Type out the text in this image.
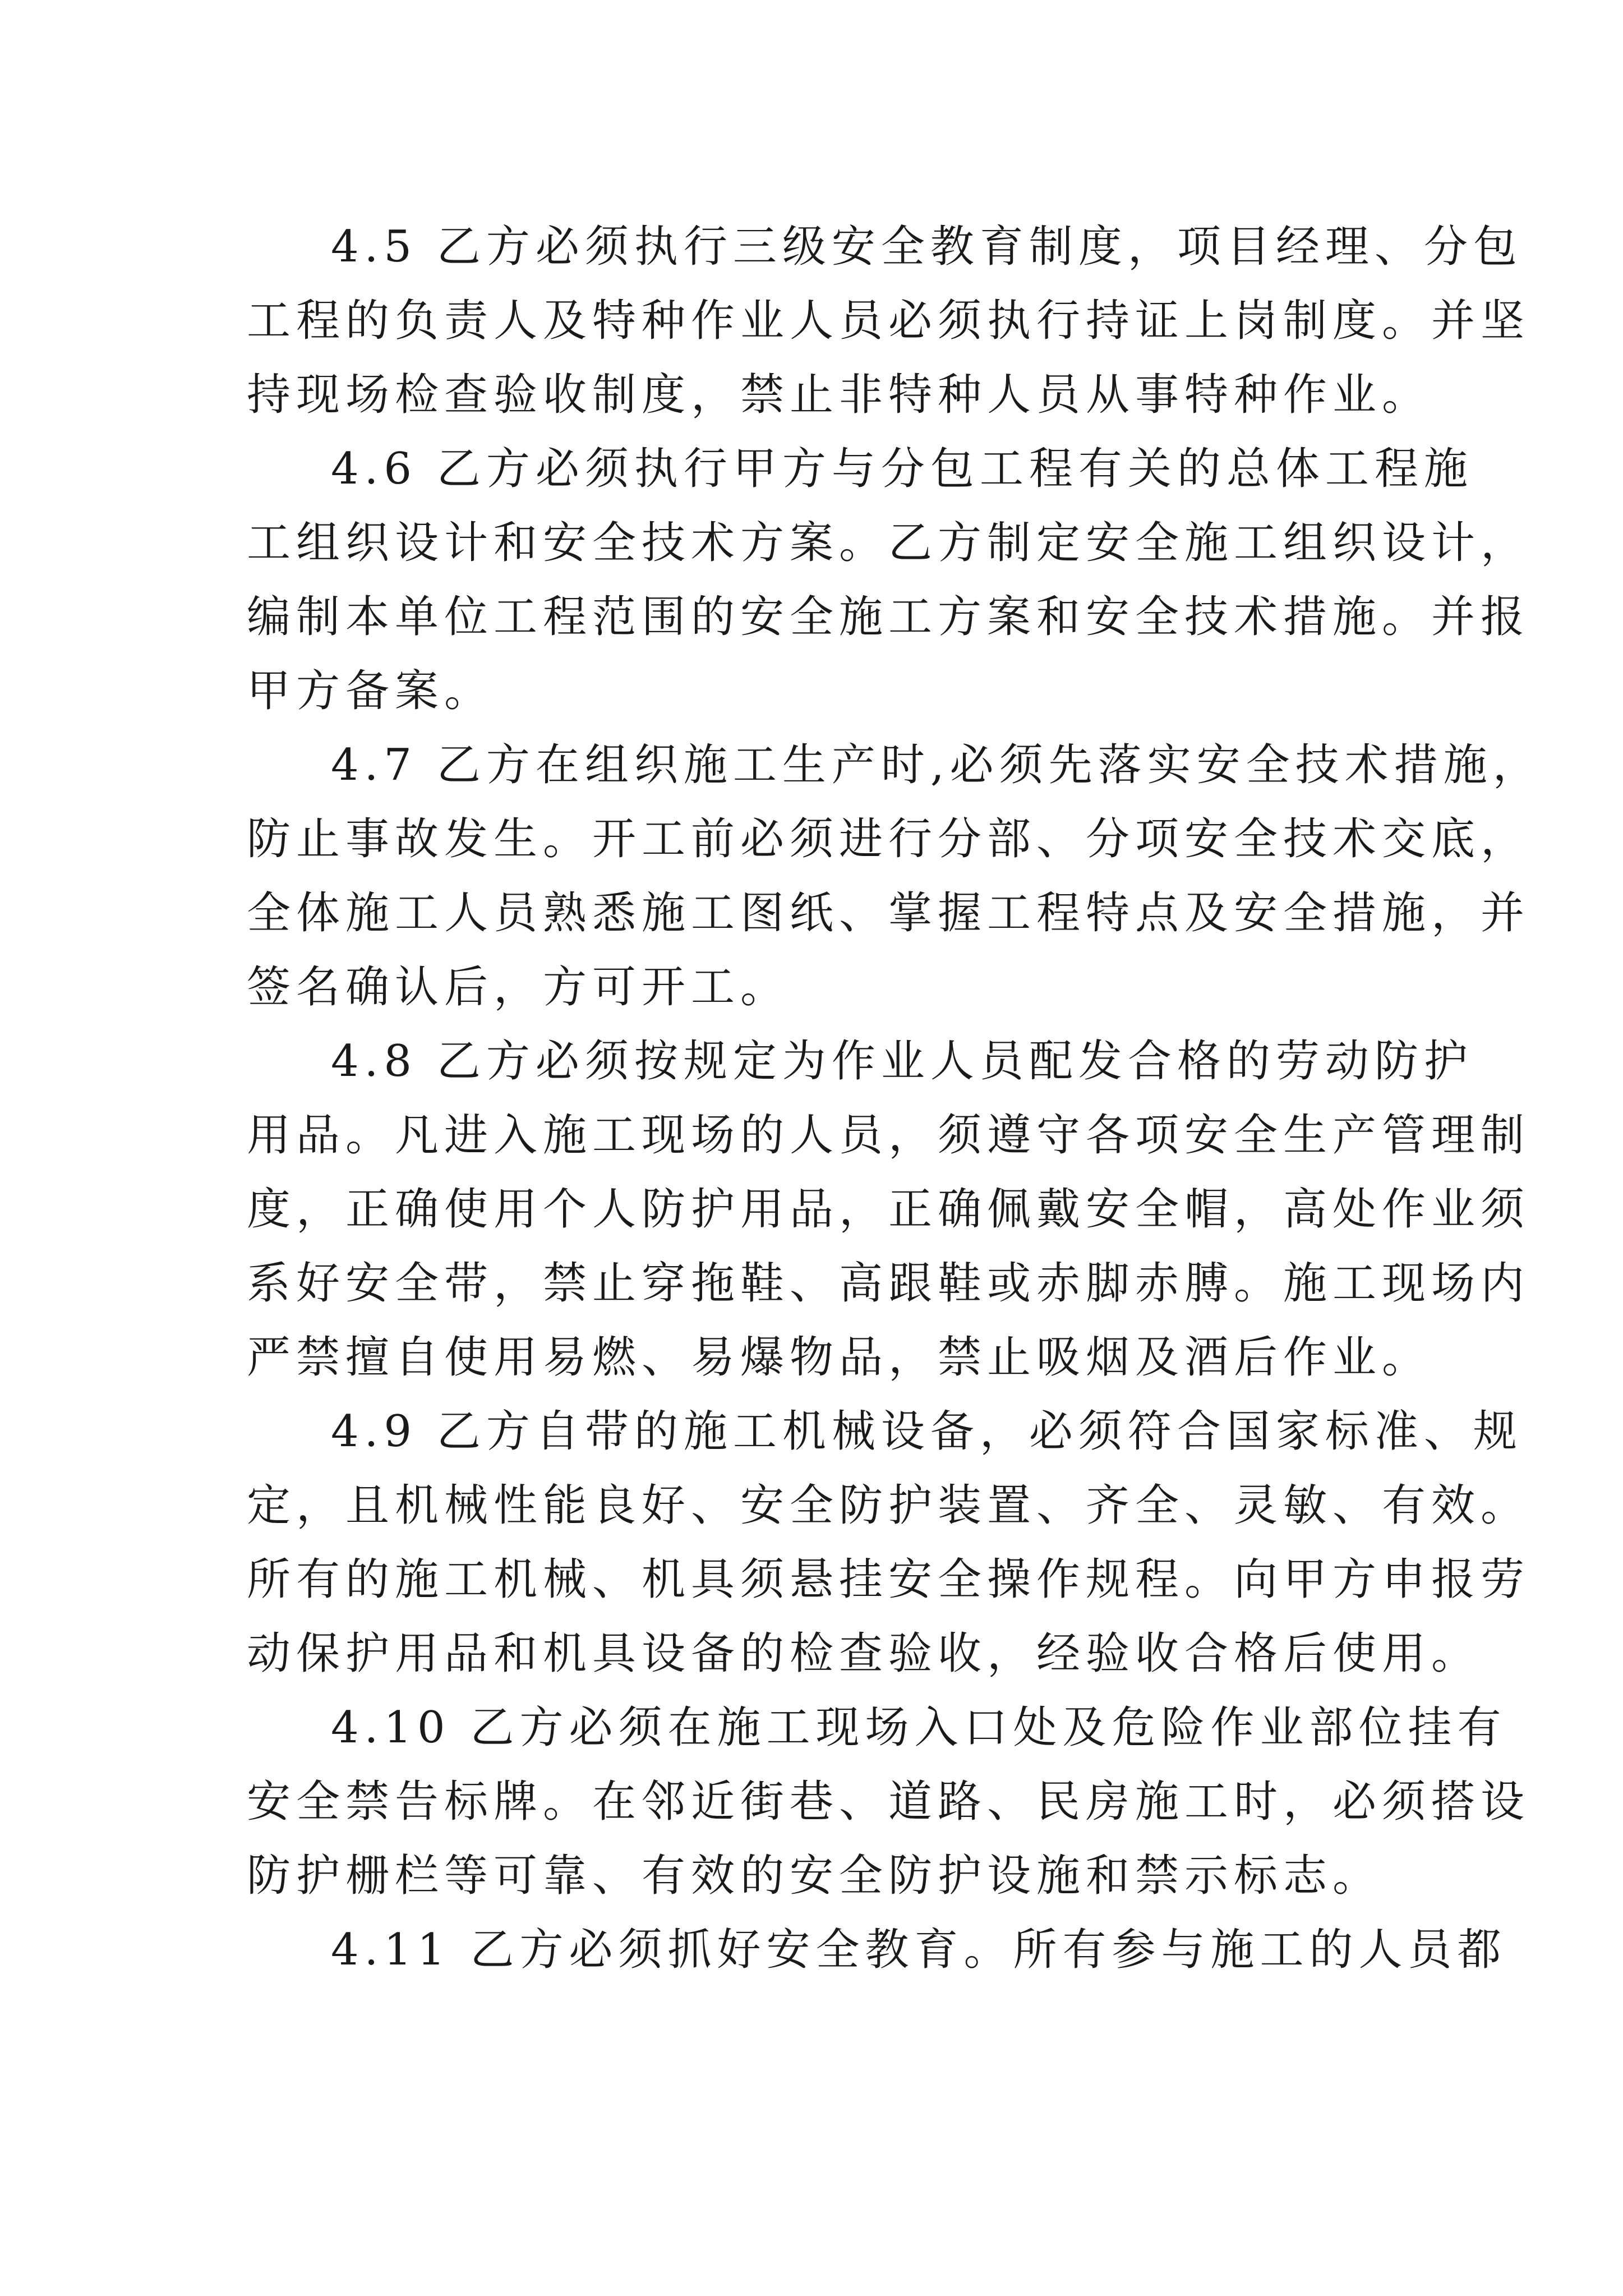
4.5 乙方必须执行三级安全教育制度，项目经理、分包
工程的负责人及特种作业人员必须执行持证上岗制度。并坚
持现场检查验收制度，禁止非特种人员从事特种作业。
4.6 乙方必须执行甲方与分包工程有关的总体工程施
工组织设计和安全技术方案。乙方制定安全施工组织设计，
编制本单位工程范围的安全施工方案和安全技术措施。并报
甲方备案。
4.7 乙方在组织施工生产时,必须先落实安全技术措施，
防止事故发生。开工前必须进行分部、分项安全技术交底，
全体施工人员熟悉施工图纸、掌握工程特点及安全措施，并
签名确认后，方可开工。
4.8 乙方必须按规定为作业人员配发合格的劳动防护
用品。凡进入施工现场的人员，须遵守各项安全生产管理制
度，正确使用个人防护用品，正确佩戴安全帽，高处作业须
系好安全带，禁止穿拖鞋、高跟鞋或赤脚赤膊。施工现场内
严禁擅自使用易燃、易爆物品，禁止吸烟及酒后作业。
4.9 乙方自带的施工机械设备，必须符合国家标准、规
定，且机械性能良好、安全防护装置、齐全、灵敏、有效。
所有的施工机械、机具须悬挂安全操作规程。向甲方申报劳
动保护用品和机具设备的检查验收，经验收合格后使用。
4.10 乙方必须在施工现场入口处及危险作业部位挂有
安全禁告标牌。在邻近街巷、道路、民房施工时，必须搭设
防护栅栏等可靠、有效的安全防护设施和禁示标志。
4.11 乙方必须抓好安全教育。所有参与施工的人员都
